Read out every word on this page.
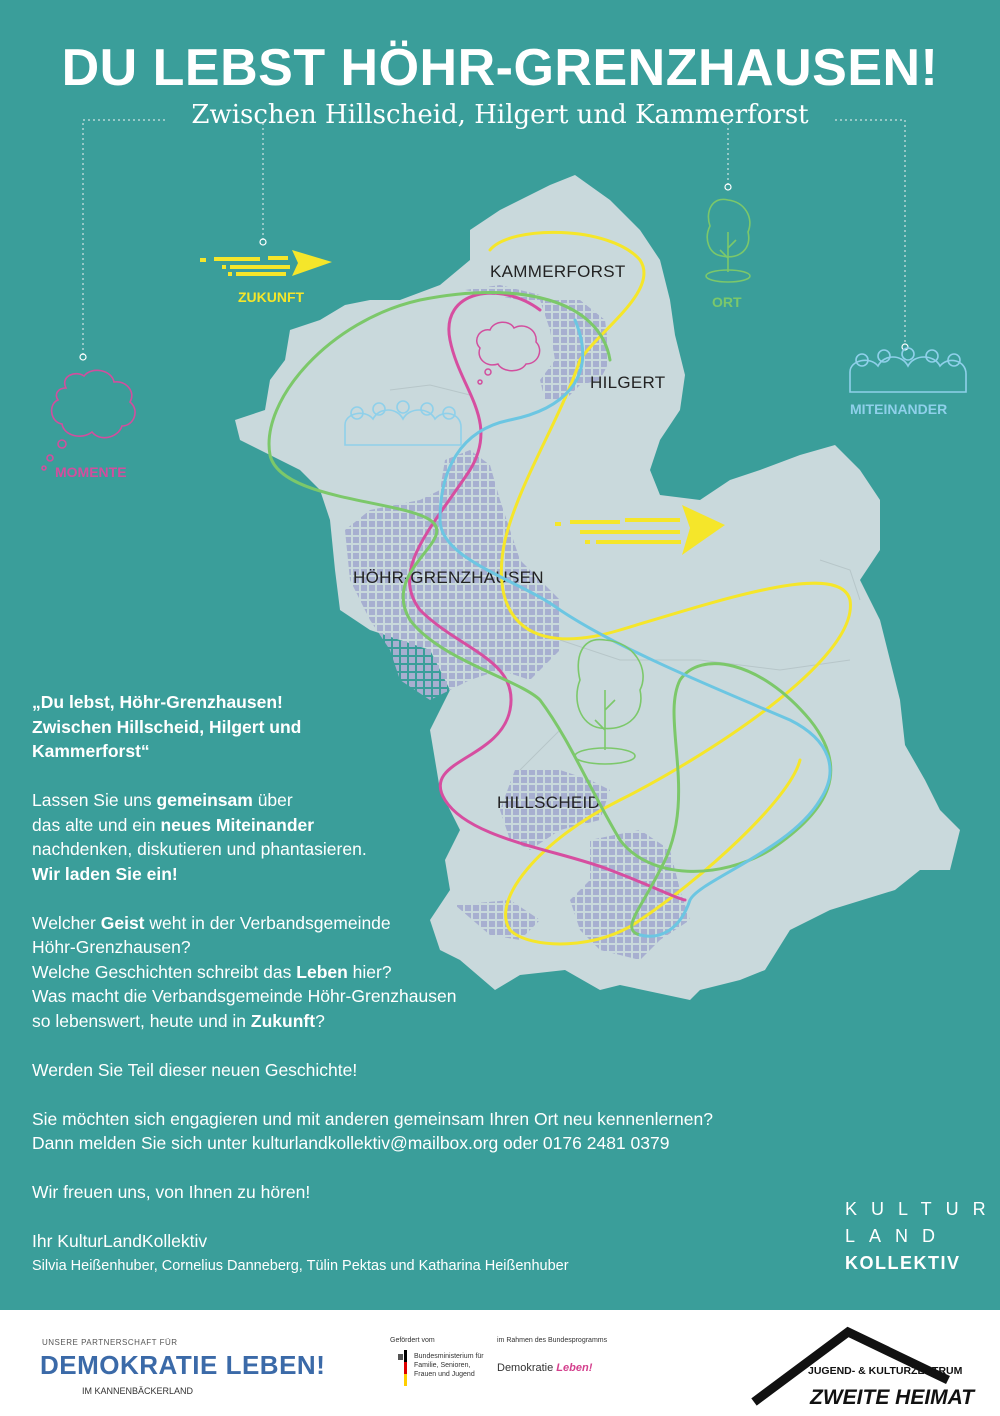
DU LEBST HÖHR-GRENZHAUSEN!
Zwischen Hillscheid, Hilgert und Kammerforst
KAMMERFORST
HILGERT
HÖHR-GRENZHAUSEN
HILLSCHEID
ZUKUNFT	ORT
MOMENTE
MITEINANDER

„Du lebst, Höhr-Grenzhausen!

Zwischen Hillscheid, Hilgert und

Kammerforst“

Lassen Sie uns gemeinsam über

das alte und ein neues Miteinander

nachdenken, diskutieren und phantasieren.

Wir laden Sie ein!

Welcher Geist weht in der Verbandsgemeinde

Höhr-Grenzhausen?

Welche Geschichten schreibt das Leben hier?

Was macht die Verbandsgemeinde Höhr-Grenzhausen

so lebenswert, heute und in Zukunft?

Werden Sie Teil dieser neuen Geschichte!

Sie möchten sich engagieren und mit anderen gemeinsam Ihren Ort neu kennenlernen?

Dann melden Sie sich unter kulturlandkollektiv@mailbox.org oder 0176 2481 0379

Wir freuen uns, von Ihnen zu hören!

Ihr KulturLandKollektiv

Silvia Heißenhuber, Cornelius Danneberg, Tülin Pektas und Katharina Heißenhuber
KULTUR
LAND
KOLLEKTIV
UNSERE PARTNERSCHAFT FÜR
DEMOKRATIE LEBEN!
IM KANNENBÄCKERLAND
Gefördert vom
Bundesministerium für Familie, Senioren, Frauen und Jugend
im Rahmen des Bundesprogramms
Demokratie Leben!	JUGEND- & KULTURZENTRUM
ZWEITE HEIMAT
